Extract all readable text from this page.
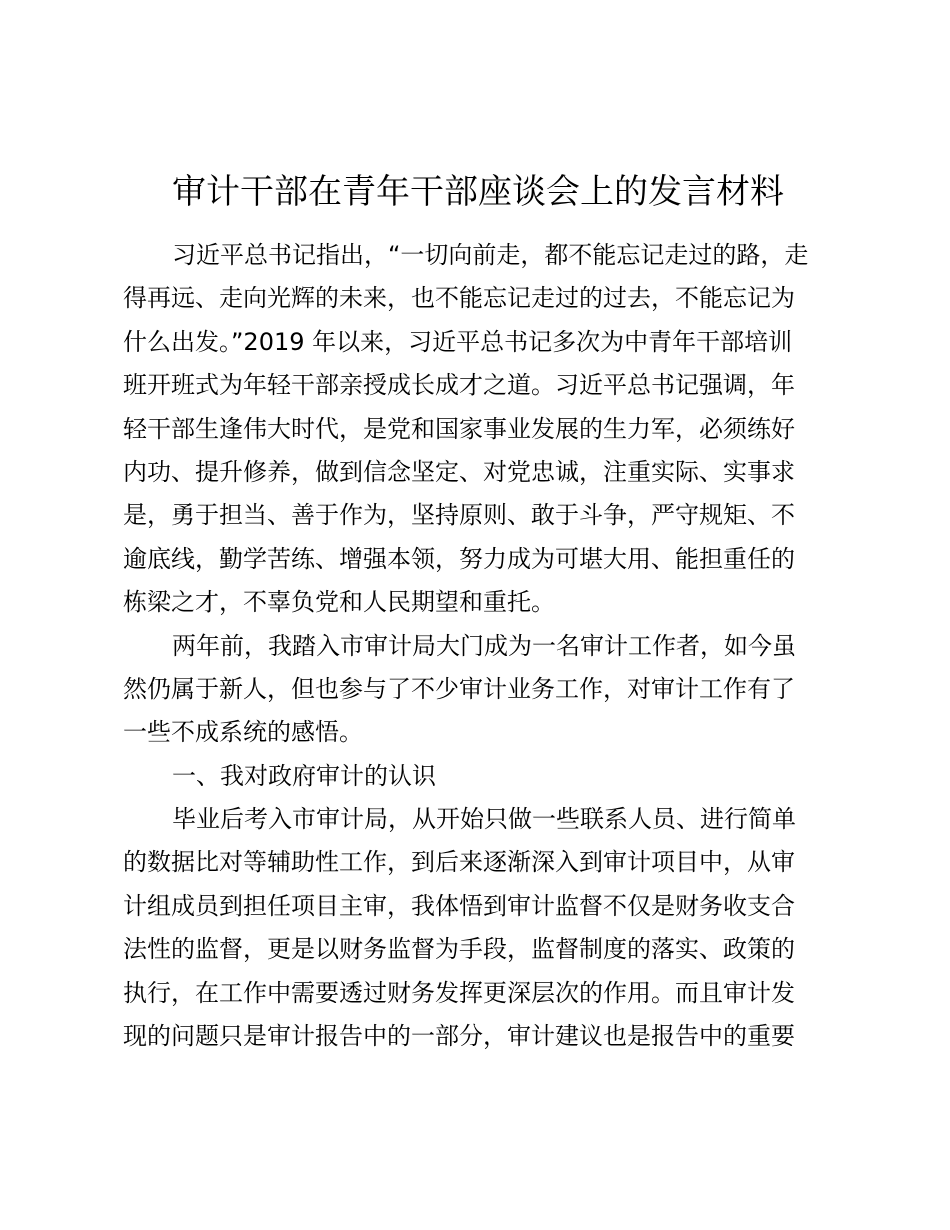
审计干部在青年干部座谈会上的发言材料
习近平总书记指出，“一切向前走，都不能忘记走过的路，走
得再远、走向光辉的未来，也不能忘记走过的过去，不能忘记为
什么出发。”2019 年以来，习近平总书记多次为中青年干部培训
班开班式为年轻干部亲授成长成才之道。习近平总书记强调，年
轻干部生逢伟大时代，是党和国家事业发展的生力军，必须练好
内功、提升修养，做到信念坚定、对党忠诚，注重实际、实事求
是，勇于担当、善于作为，坚持原则、敢于斗争，严守规矩、不
逾底线，勤学苦练、增强本领，努力成为可堪大用、能担重任的
栋梁之才，不辜负党和人民期望和重托。
两年前，我踏入市审计局大门成为一名审计工作者，如今虽
然仍属于新人，但也参与了不少审计业务工作，对审计工作有了
一些不成系统的感悟。
一、我对政府审计的认识
毕业后考入市审计局，从开始只做一些联系人员、进行简单
的数据比对等辅助性工作，到后来逐渐深入到审计项目中，从审
计组成员到担任项目主审，我体悟到审计监督不仅是财务收支合
法性的监督，更是以财务监督为手段，监督制度的落实、政策的
执行，在工作中需要透过财务发挥更深层次的作用。而且审计发
现的问题只是审计报告中的一部分，审计建议也是报告中的重要
